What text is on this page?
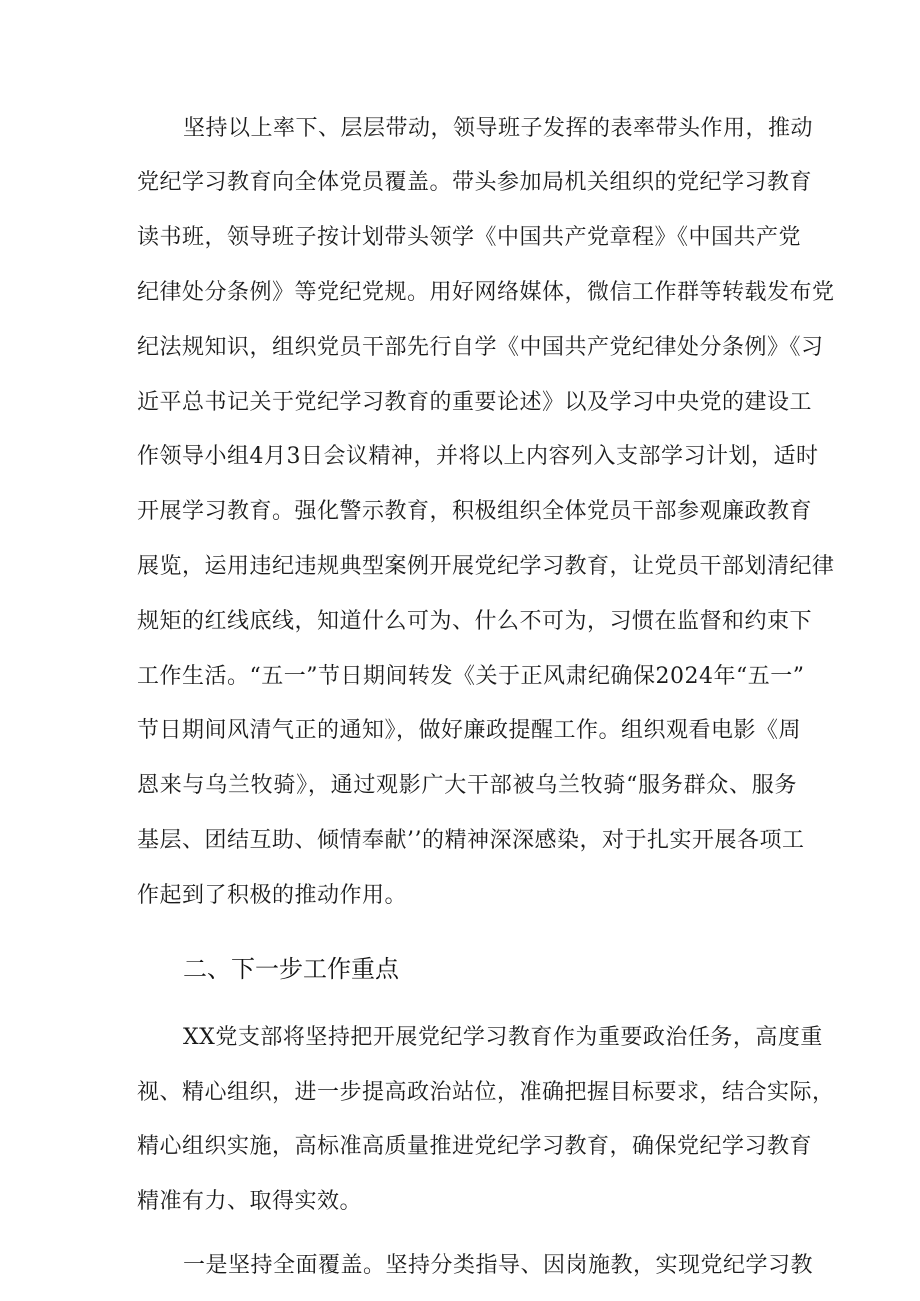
坚持以上率下、层层带动，领导班子发挥的表率带头作用，推动
党纪学习教育向全体党员覆盖。带头参加局机关组织的党纪学习教育
读书班，领导班子按计划带头领学《中国共产党章程》《中国共产党
纪律处分条例》等党纪党规。用好网络媒体，微信工作群等转载发布党
纪法规知识，组织党员干部先行自学《中国共产党纪律处分条例》《习
近平总书记关于党纪学习教育的重要论述》以及学习中央党的建设工
作领导小组4月3日会议精神，并将以上内容列入支部学习计划，适时
开展学习教育。强化警示教育，积极组织全体党员干部参观廉政教育
展览，运用违纪违规典型案例开展党纪学习教育，让党员干部划清纪律
规矩的红线底线，知道什么可为、什么不可为，习惯在监督和约束下
工作生活。“五一”节日期间转发《关于正风肃纪确保2024年“五一”
节日期间风清气正的通知》，做好廉政提醒工作。组织观看电影《周
恩来与乌兰牧骑》，通过观影广大干部被乌兰牧骑“服务群众、服务
基层、团结互助、倾情奉献’’的精神深深感染，对于扎实开展各项工
作起到了积极的推动作用。
二、下一步工作重点
XX党支部将坚持把开展党纪学习教育作为重要政治任务，高度重
视、精心组织，进一步提高政治站位，准确把握目标要求，结合实际，
精心组织实施，高标准高质量推进党纪学习教育，确保党纪学习教育
精准有力、取得实效。
一是坚持全面覆盖。坚持分类指导、因岗施教，实现党纪学习教
